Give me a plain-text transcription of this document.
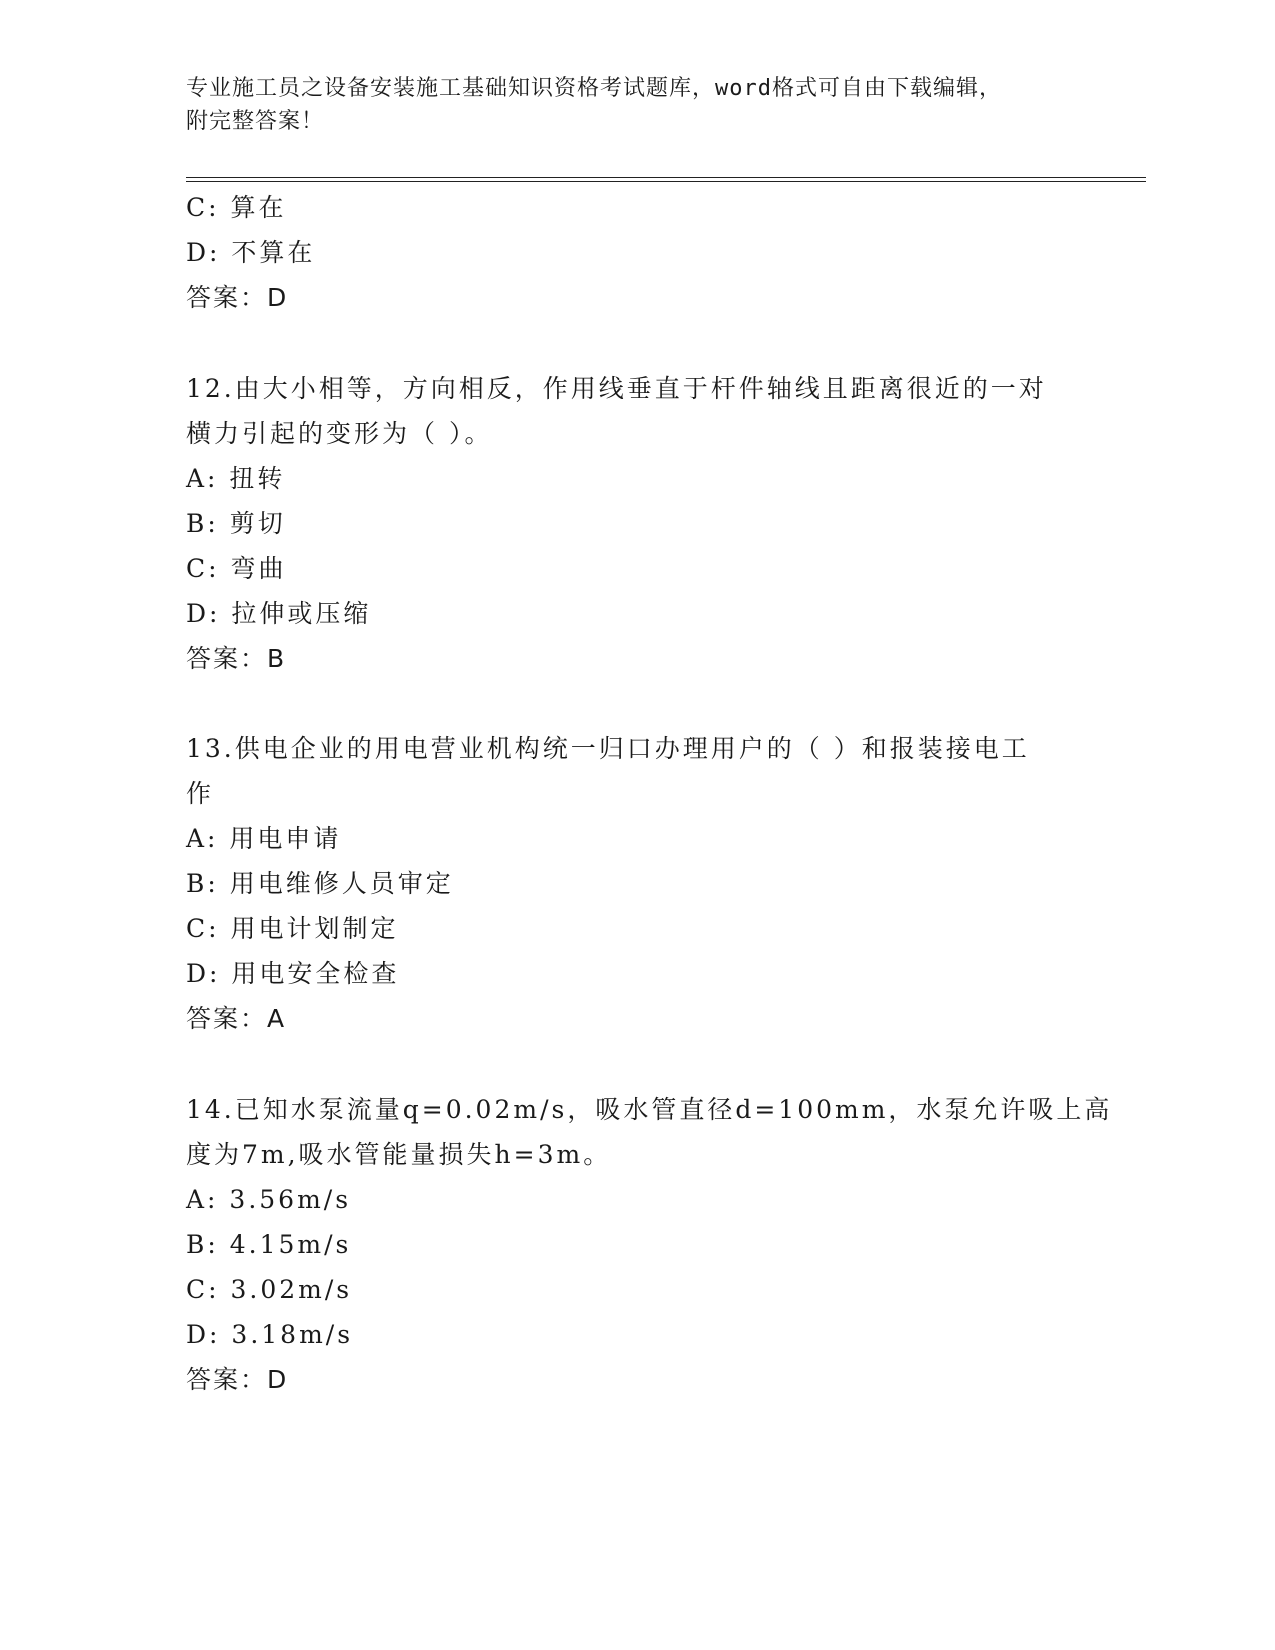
专业施工员之设备安装施工基础知识资格考试题库，word格式可自由下载编辑，
附完整答案！
C: 算在
D: 不算在
答案：D
12.由大小相等，方向相反，作用线垂直于杆件轴线且距离很近的一对
横力引起的变形为（ ）。
A: 扭转
B: 剪切
C: 弯曲
D: 拉伸或压缩
答案：B
13.供电企业的用电营业机构统一归口办理用户的（ ）和报装接电工
作
A: 用电申请
B: 用电维修人员审定
C: 用电计划制定
D: 用电安全检查
答案：A
14.已知水泵流量q=0.02m/s，吸水管直径d=100mm，水泵允许吸上高
度为7m,吸水管能量损失h=3m。
A: 3.56m/s
B: 4.15m/s
C: 3.02m/s
D: 3.18m/s
答案：D
